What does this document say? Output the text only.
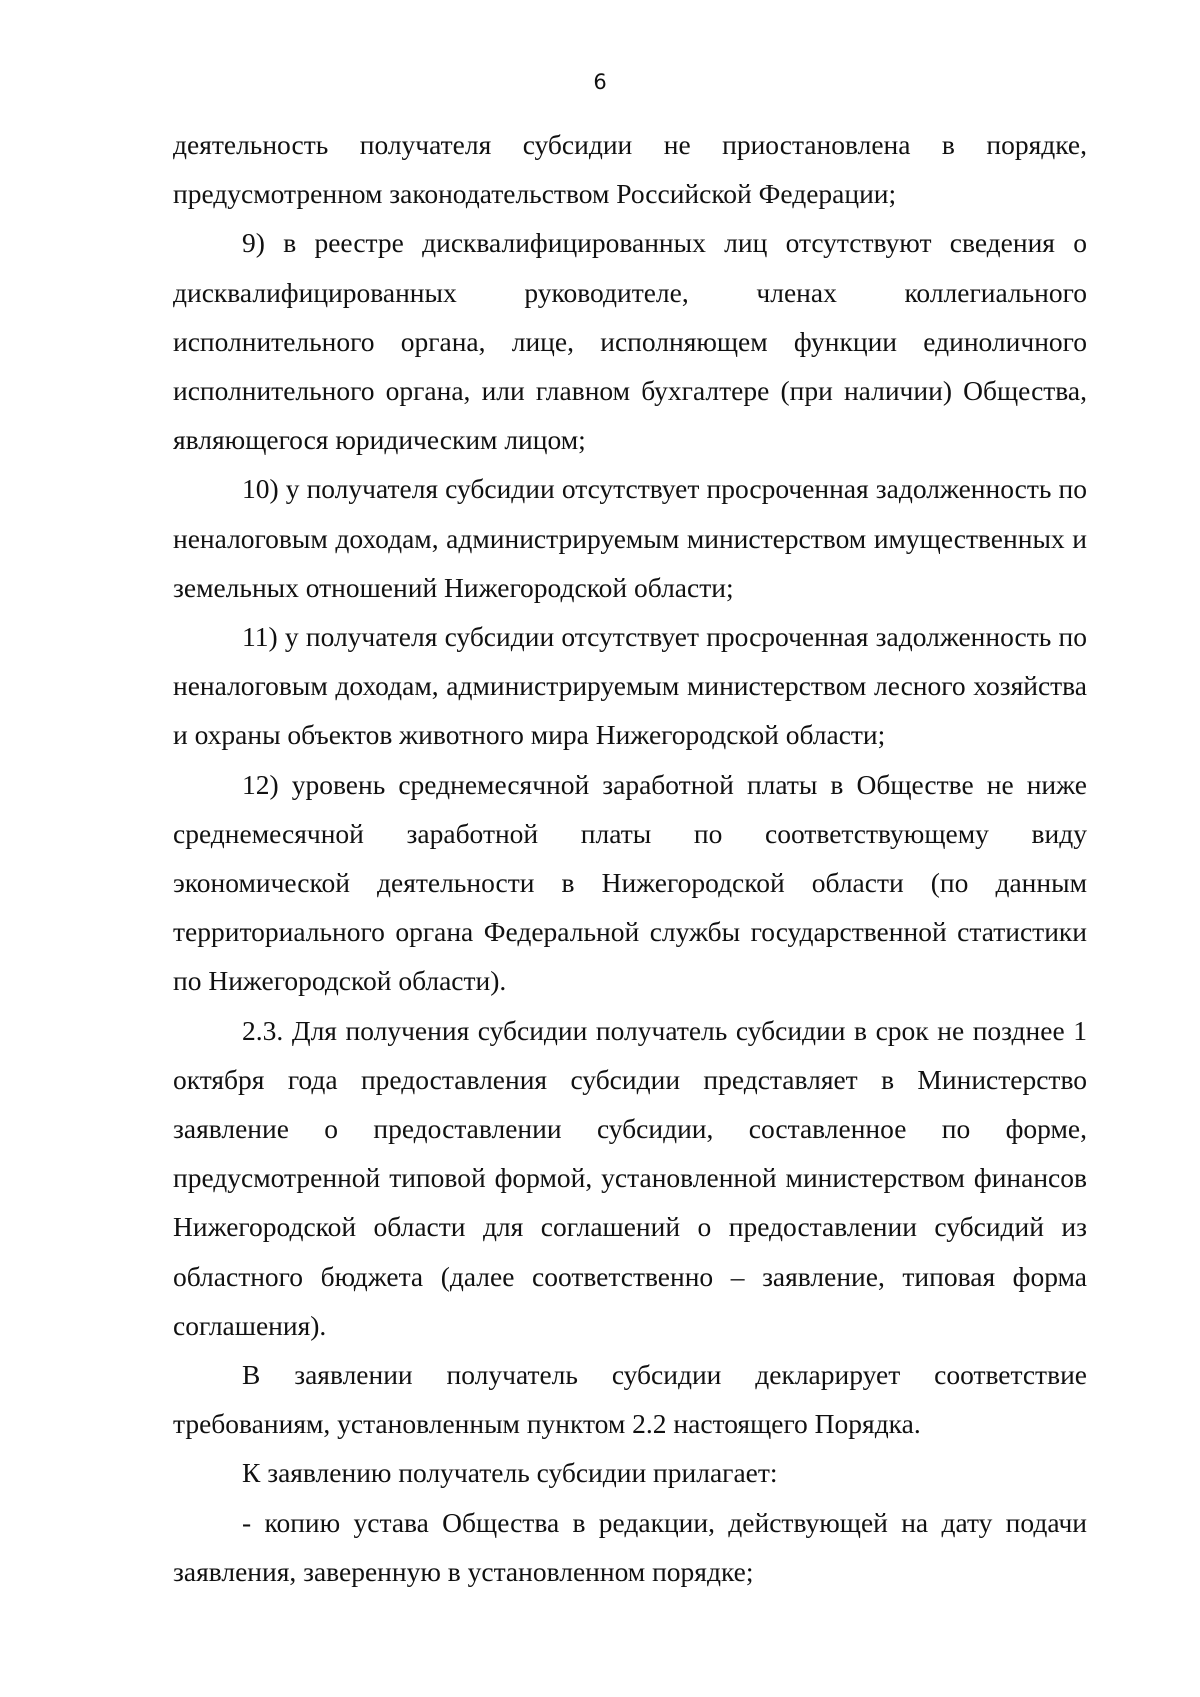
6

деятельность получателя субсидии не приостановлена в порядке, предусмотренном законодательством Российской Федерации;

9) в реестре дисквалифицированных лиц отсутствуют сведения о дисквалифицированных руководителе, членах коллегиального исполнительного органа, лице, исполняющем функции единоличного исполнительного органа, или главном бухгалтере (при наличии) Общества, являющегося юридическим лицом;

10) у получателя субсидии отсутствует просроченная задолженность по неналоговым доходам, администрируемым министерством имущественных и земельных отношений Нижегородской области;

11) у получателя субсидии отсутствует просроченная задолженность по неналоговым доходам, администрируемым министерством лесного хозяйства и охраны объектов животного мира Нижегородской области;

12) уровень среднемесячной заработной платы в Обществе не ниже среднемесячной заработной платы по соответствующему виду экономической деятельности в Нижегородской области (по данным территориального органа Федеральной службы государственной статистики по Нижегородской области).

2.3. Для получения субсидии получатель субсидии в срок не позднее 1 октября года предоставления субсидии представляет в Министерство заявление о предоставлении субсидии, составленное по форме, предусмотренной типовой формой, установленной министерством финансов Нижегородской области для соглашений о предоставлении субсидий из областного бюджета (далее соответственно – заявление, типовая форма соглашения).

В заявлении получатель субсидии декларирует соответствие требованиям, установленным пунктом 2.2 настоящего Порядка.

К заявлению получатель субсидии прилагает:

- копию устава Общества в редакции, действующей на дату подачи заявления, заверенную в установленном порядке;
